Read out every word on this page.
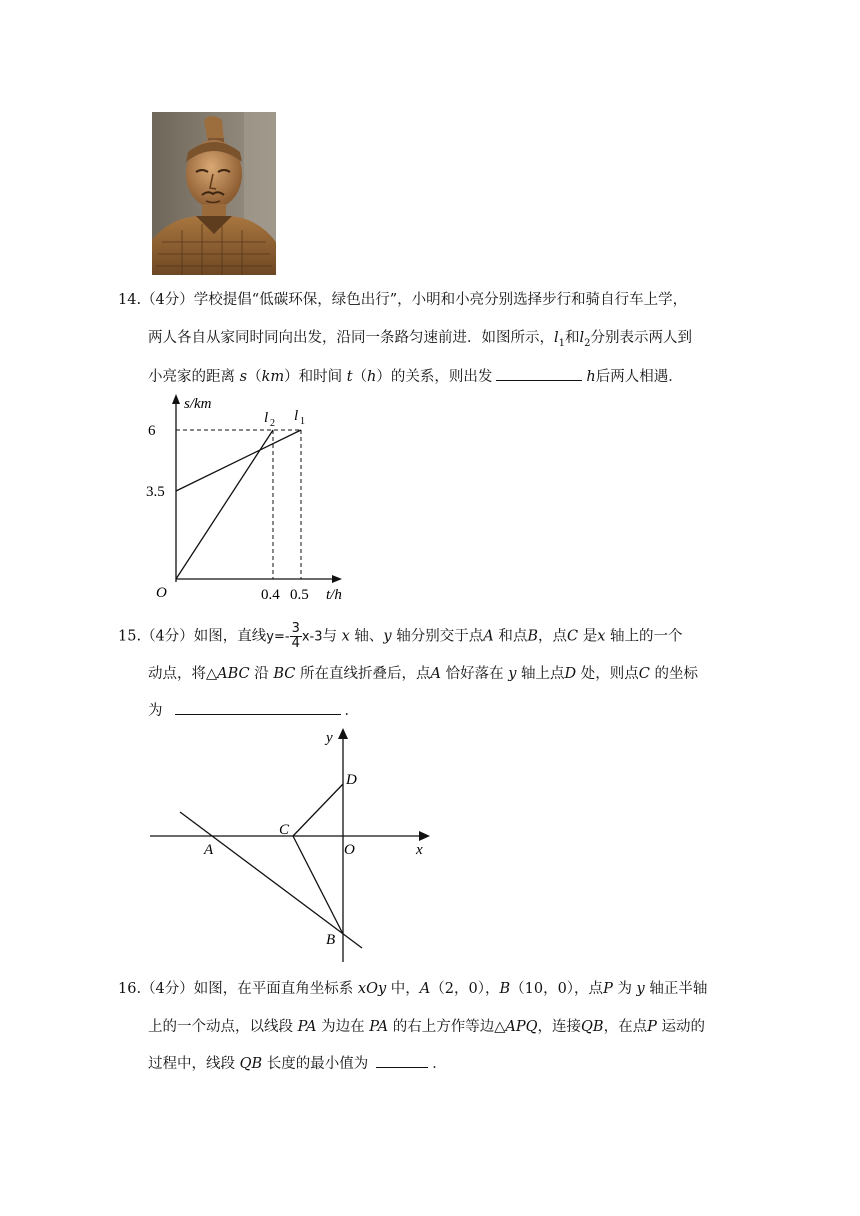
14.（4分）学校提倡“低碳环保，绿色出行”，小明和小亮分别选择步行和骑自行车上学，
两人各自从家同时同向出发，沿同一条路匀速前进．如图所示，$l_1$和$l_2$分别表示两人到
小亮家的距离 s（km）和时间 t（h）的关系，则出发	h后两人相遇．
s/km
6
3.5
O	0.4 0.5 t/h
l 2 l 1
15.（4分）如图，直线$y=- \frac{3}{4} x-3$与 x 轴、y 轴分别交于点A 和点B，点C 是x 轴上的一个
动点，将△ABC 沿 BC 所在直线折叠后，点A 恰好落在 y 轴上点D 处，则点C 的坐标
为	．
y
D
C
A	O	x
B
16.（4分）如图，在平面直角坐标系 xOy 中，A（2，0），B（10，0），点P 为 y 轴正半轴
上的一个动点，以线段 PA 为边在 PA 的右上方作等边△APQ，连接QB，在点P 运动的
过程中，线段 QB 长度的最小值为	．
